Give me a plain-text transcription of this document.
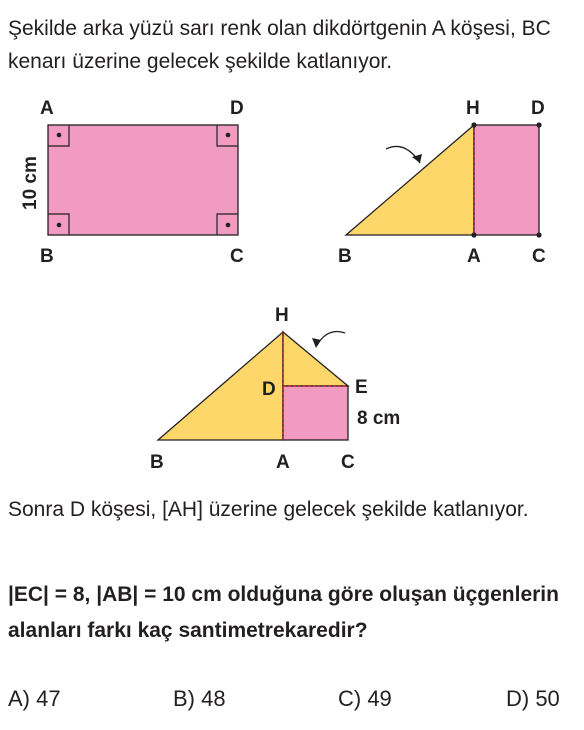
Şekilde arka yüzü sarı renk olan dikdörtgenin A köşesi, BC kenarı üzerine gelecek şekilde katlanıyor.
A	D
B	C
10 cm
H	D
B	A	C
H
D	E
8 cm
B	A	C
Sonra D köşesi, [AH] üzerine gelecek şekilde katlanıyor.
|EC| = 8, |AB| = 10 cm olduğuna göre oluşan üçgenlerin alanları farkı kaç santimetrekaredir?
A) 47	B) 48	C) 49	D) 50
